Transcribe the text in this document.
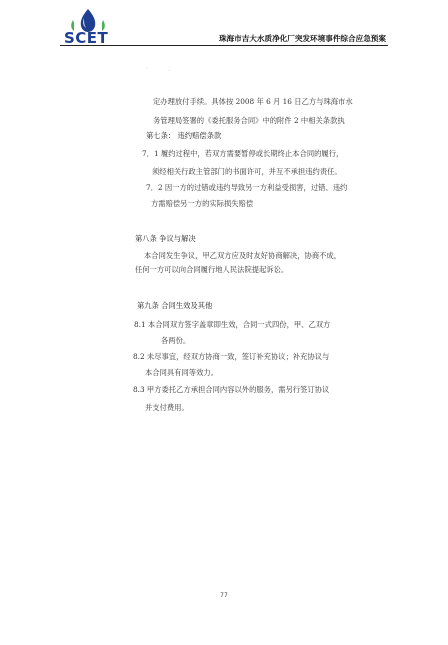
SCET	珠海市吉大水质净化厂突发环境事件综合应急预案
·	·
定办理放付手续。具体按 2008 年 6 月 16 日乙方与珠海市水
务管理局签署的《委托服务合同》中的附件 2 中相关条款执
第七条： 违约赔偿条款
7．1 履约过程中，若双方需要暂停或长期终止本合同的履行，
须经相关行政主管部门的书面许可，并互不承担违约责任。
7．2 因一方的过错或违约导致另一方利益受损害，过错、违约
方需赔偿另一方的实际损失赔偿
第八条 争议与解决
本合同发生争议，甲乙双方应及时友好协商解决，协商不成，
任何一方可以向合同履行地人民法院提起诉讼。
第九条 合同生效及其他
8.1 本合同双方签字盖章即生效，合同一式四份，甲、乙双方
各两份。
8.2 未尽事宜，经双方协商一致，签订补充协议；补充协议与
本合同具有同等效力。
8.3 甲方委托乙方承担合同内容以外的服务，需另行签订协议
并支付费用。
77
